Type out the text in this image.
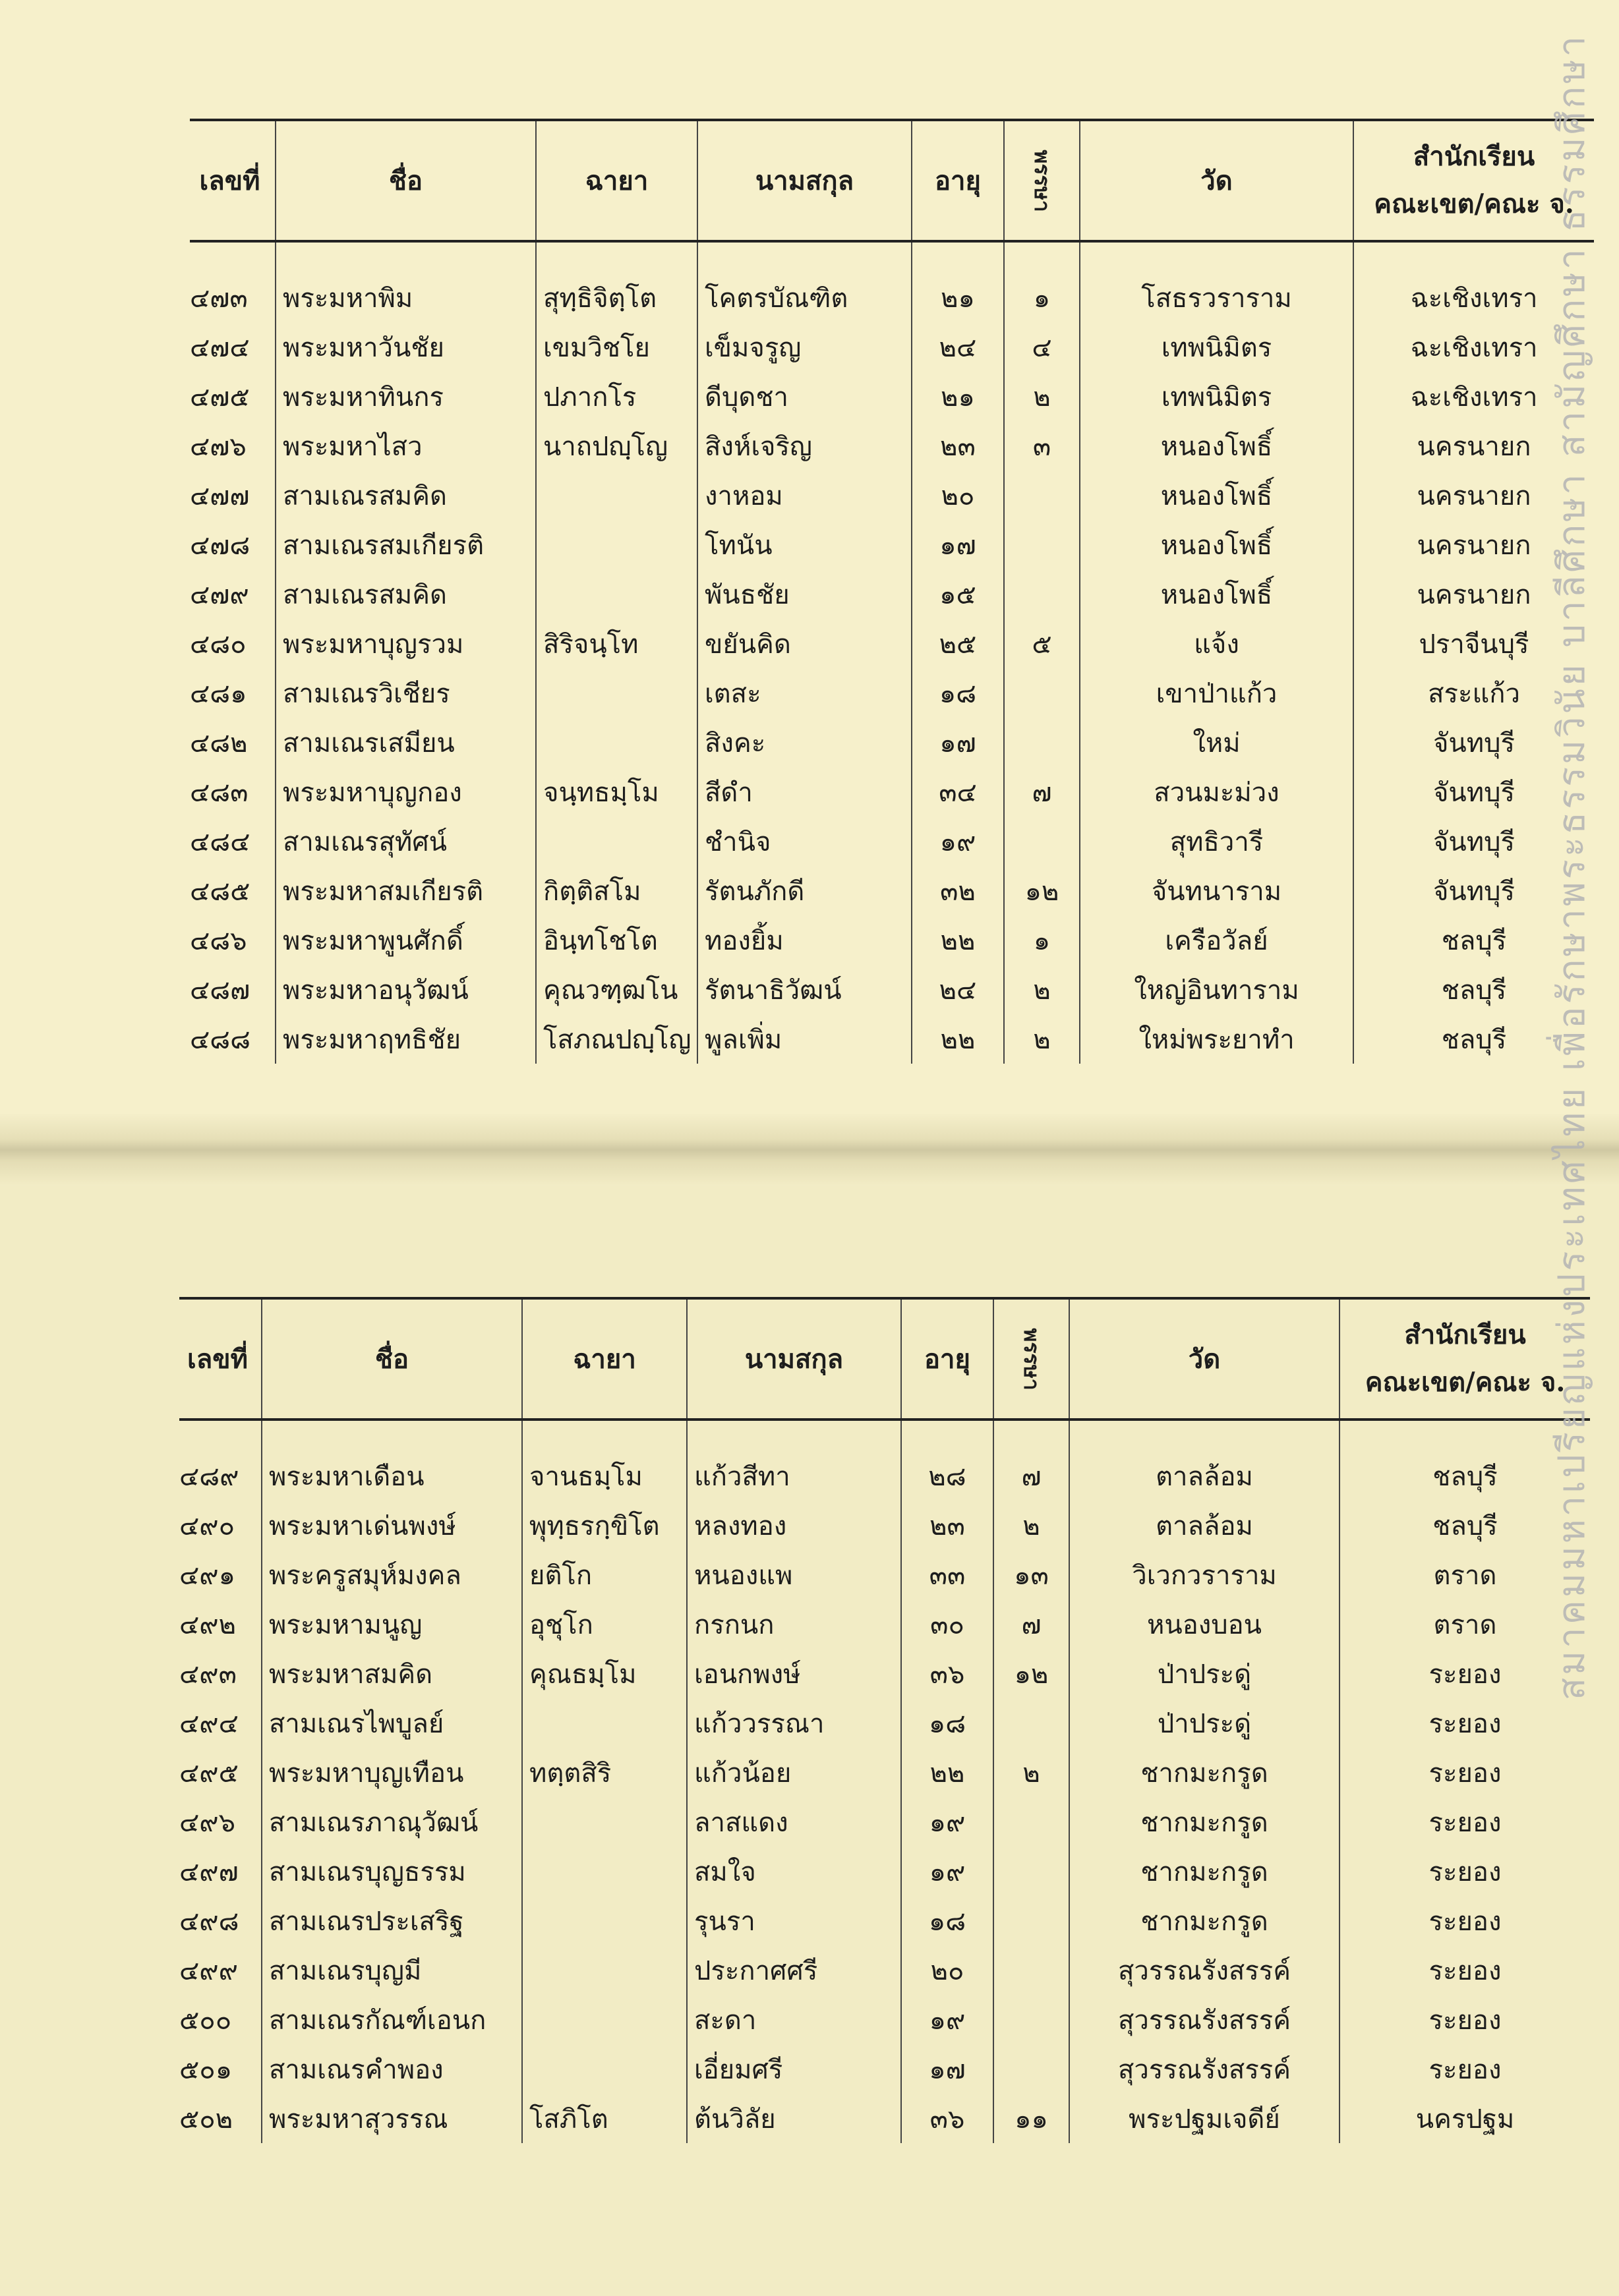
เลขที่	ชื่อ	ฉายา	นามสกุล	อายุ	พรรษา	วัด	สำนักเรียน
คณะเขต/คณะ จ.

๔๗๓	พระมหาพิม	สุทฺธิจิตฺโต	โคตรบัณฑิต	๒๑	๑	โสธรวราราม	ฉะเชิงเทรา
๔๗๔	พระมหาวันชัย	เขมวิชโย	เข็มจรูญ	๒๔	๔	เทพนิมิตร	ฉะเชิงเทรา
๔๗๕	พระมหาทินกร	ปภากโร	ดีบุดชา	๒๑	๒	เทพนิมิตร	ฉะเชิงเทรา
๔๗๖	พระมหาไสว	นาถปญฺโญ	สิงห์เจริญ	๒๓	๓	หนองโพธิ์	นครนายก
๔๗๗	สามเณรสมคิด		งาหอม	๒๐		หนองโพธิ์	นครนายก
๔๗๘	สามเณรสมเกียรติ		โทนัน	๑๗		หนองโพธิ์	นครนายก
๔๗๙	สามเณรสมคิด		พันธชัย	๑๕		หนองโพธิ์	นครนายก
๔๘๐	พระมหาบุญรวม	สิริจนฺโท	ขยันคิด	๒๕	๕	แจ้ง	ปราจีนบุรี
๔๘๑	สามเณรวิเชียร		เตสะ	๑๘		เขาป่าแก้ว	สระแก้ว
๔๘๒	สามเณรเสมียน		สิงคะ	๑๗		ใหม่	จันทบุรี
๔๘๓	พระมหาบุญกอง	จนฺทธมฺโม	สีดำ	๓๔	๗	สวนมะม่วง	จันทบุรี
๔๘๔	สามเณรสุทัศน์		ชำนิจ	๑๙		สุทธิวารี	จันทบุรี
๔๘๕	พระมหาสมเกียรติ	กิตฺติสโม	รัตนภักดี	๓๒	๑๒	จันทนาราม	จันทบุรี
๔๘๖	พระมหาพูนศักดิ์	อินฺทโชโต	ทองยิ้ม	๒๒	๑	เครือวัลย์	ชลบุรี
๔๘๗	พระมหาอนุวัฒน์	คุณวฑฺฒโน	รัตนาธิวัฒน์	๒๔	๒	ใหญ่อินทาราม	ชลบุรี
๔๘๘	พระมหาฤทธิชัย	โสภณปญฺโญ	พูลเพิ่ม	๒๒	๒	ใหม่พระยาทำ	ชลบุรี
เลขที่	ชื่อ	ฉายา	นามสกุล	อายุ	พรรษา	วัด	สำนักเรียน
คณะเขต/คณะ จ.

๔๘๙	พระมหาเดือน	จานธมฺโม	แก้วสีทา	๒๘	๗	ตาลล้อม	ชลบุรี
๔๙๐	พระมหาเด่นพงษ์	พุทฺธรกฺขิโต	หลงทอง	๒๓	๒	ตาลล้อม	ชลบุรี
๔๙๑	พระครูสมุห์มงคล	ยติโก	หนองแพ	๓๓	๑๓	วิเวกวราราม	ตราด
๔๙๒	พระมหามนูญ	อุชุโก	กรกนก	๓๐	๗	หนองบอน	ตราด
๔๙๓	พระมหาสมคิด	คุณธมฺโม	เอนกพงษ์	๓๖	๑๒	ป่าประดู่	ระยอง
๔๙๔	สามเณรไพบูลย์		แก้ววรรณา	๑๘		ป่าประดู่	ระยอง
๔๙๕	พระมหาบุญเทือน	ทตฺตสิริ	แก้วน้อย	๒๒	๒	ชากมะกรูด	ระยอง
๔๙๖	สามเณรภาณุวัฒน์		ลาสแดง	๑๙		ชากมะกรูด	ระยอง
๔๙๗	สามเณรบุญธรรม		สมใจ	๑๙		ชากมะกรูด	ระยอง
๔๙๘	สามเณรประเสริฐ		รุนรา	๑๘		ชากมะกรูด	ระยอง
๔๙๙	สามเณรบุญมี		ประกาศศรี	๒๐		สุวรรณรังสรรค์	ระยอง
๕๐๐	สามเณรกัณฑ์เอนก		สะดา	๑๙		สุวรรณรังสรรค์	ระยอง
๕๐๑	สามเณรคำพอง		เอี่ยมศรี	๑๗		สุวรรณรังสรรค์	ระยอง
๕๐๒	พระมหาสุวรรณ	โสภิโต	ต้นวิลัย	๓๖	๑๑	พระปฐมเจดีย์	นครปฐม
สมาคมมหาเปรียญแห่งประเทศไทย เพื่อรักษาพระธรรมวินัย บาลีศึกษา สามัญศึกษา ธรรมศึกษา
